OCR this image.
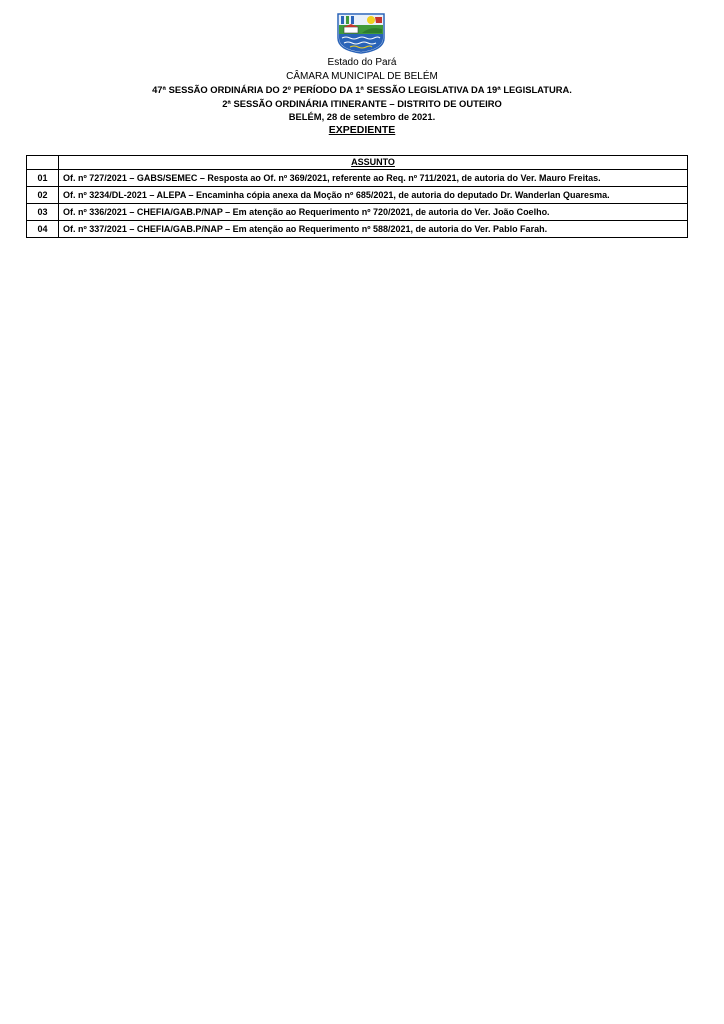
Estado do Pará
CÂMARA MUNICIPAL DE BELÉM
47ª SESSÃO ORDINÁRIA DO 2º PERÍODO DA 1ª SESSÃO LEGISLATIVA DA 19ª LEGISLATURA.
2ª SESSÃO ORDINÁRIA ITINERANTE – DISTRITO DE OUTEIRO
BELÉM, 28 de setembro de 2021.
EXPEDIENTE
	ASSUNTO
01	Of. nº 727/2021 – GABS/SEMEC – Resposta ao Of. nº 369/2021, referente ao Req. nº 711/2021, de autoria do Ver. Mauro Freitas.
02	Of. nº 3234/DL-2021 – ALEPA – Encaminha cópia anexa da Moção nº 685/2021, de autoria do deputado Dr. Wanderlan Quaresma.
03	Of. nº 336/2021 – CHEFIA/GAB.P/NAP – Em atenção ao Requerimento nº 720/2021, de autoria do Ver. João Coelho.
04	Of. nº 337/2021 – CHEFIA/GAB.P/NAP – Em atenção ao Requerimento nº 588/2021, de autoria do Ver. Pablo Farah.
